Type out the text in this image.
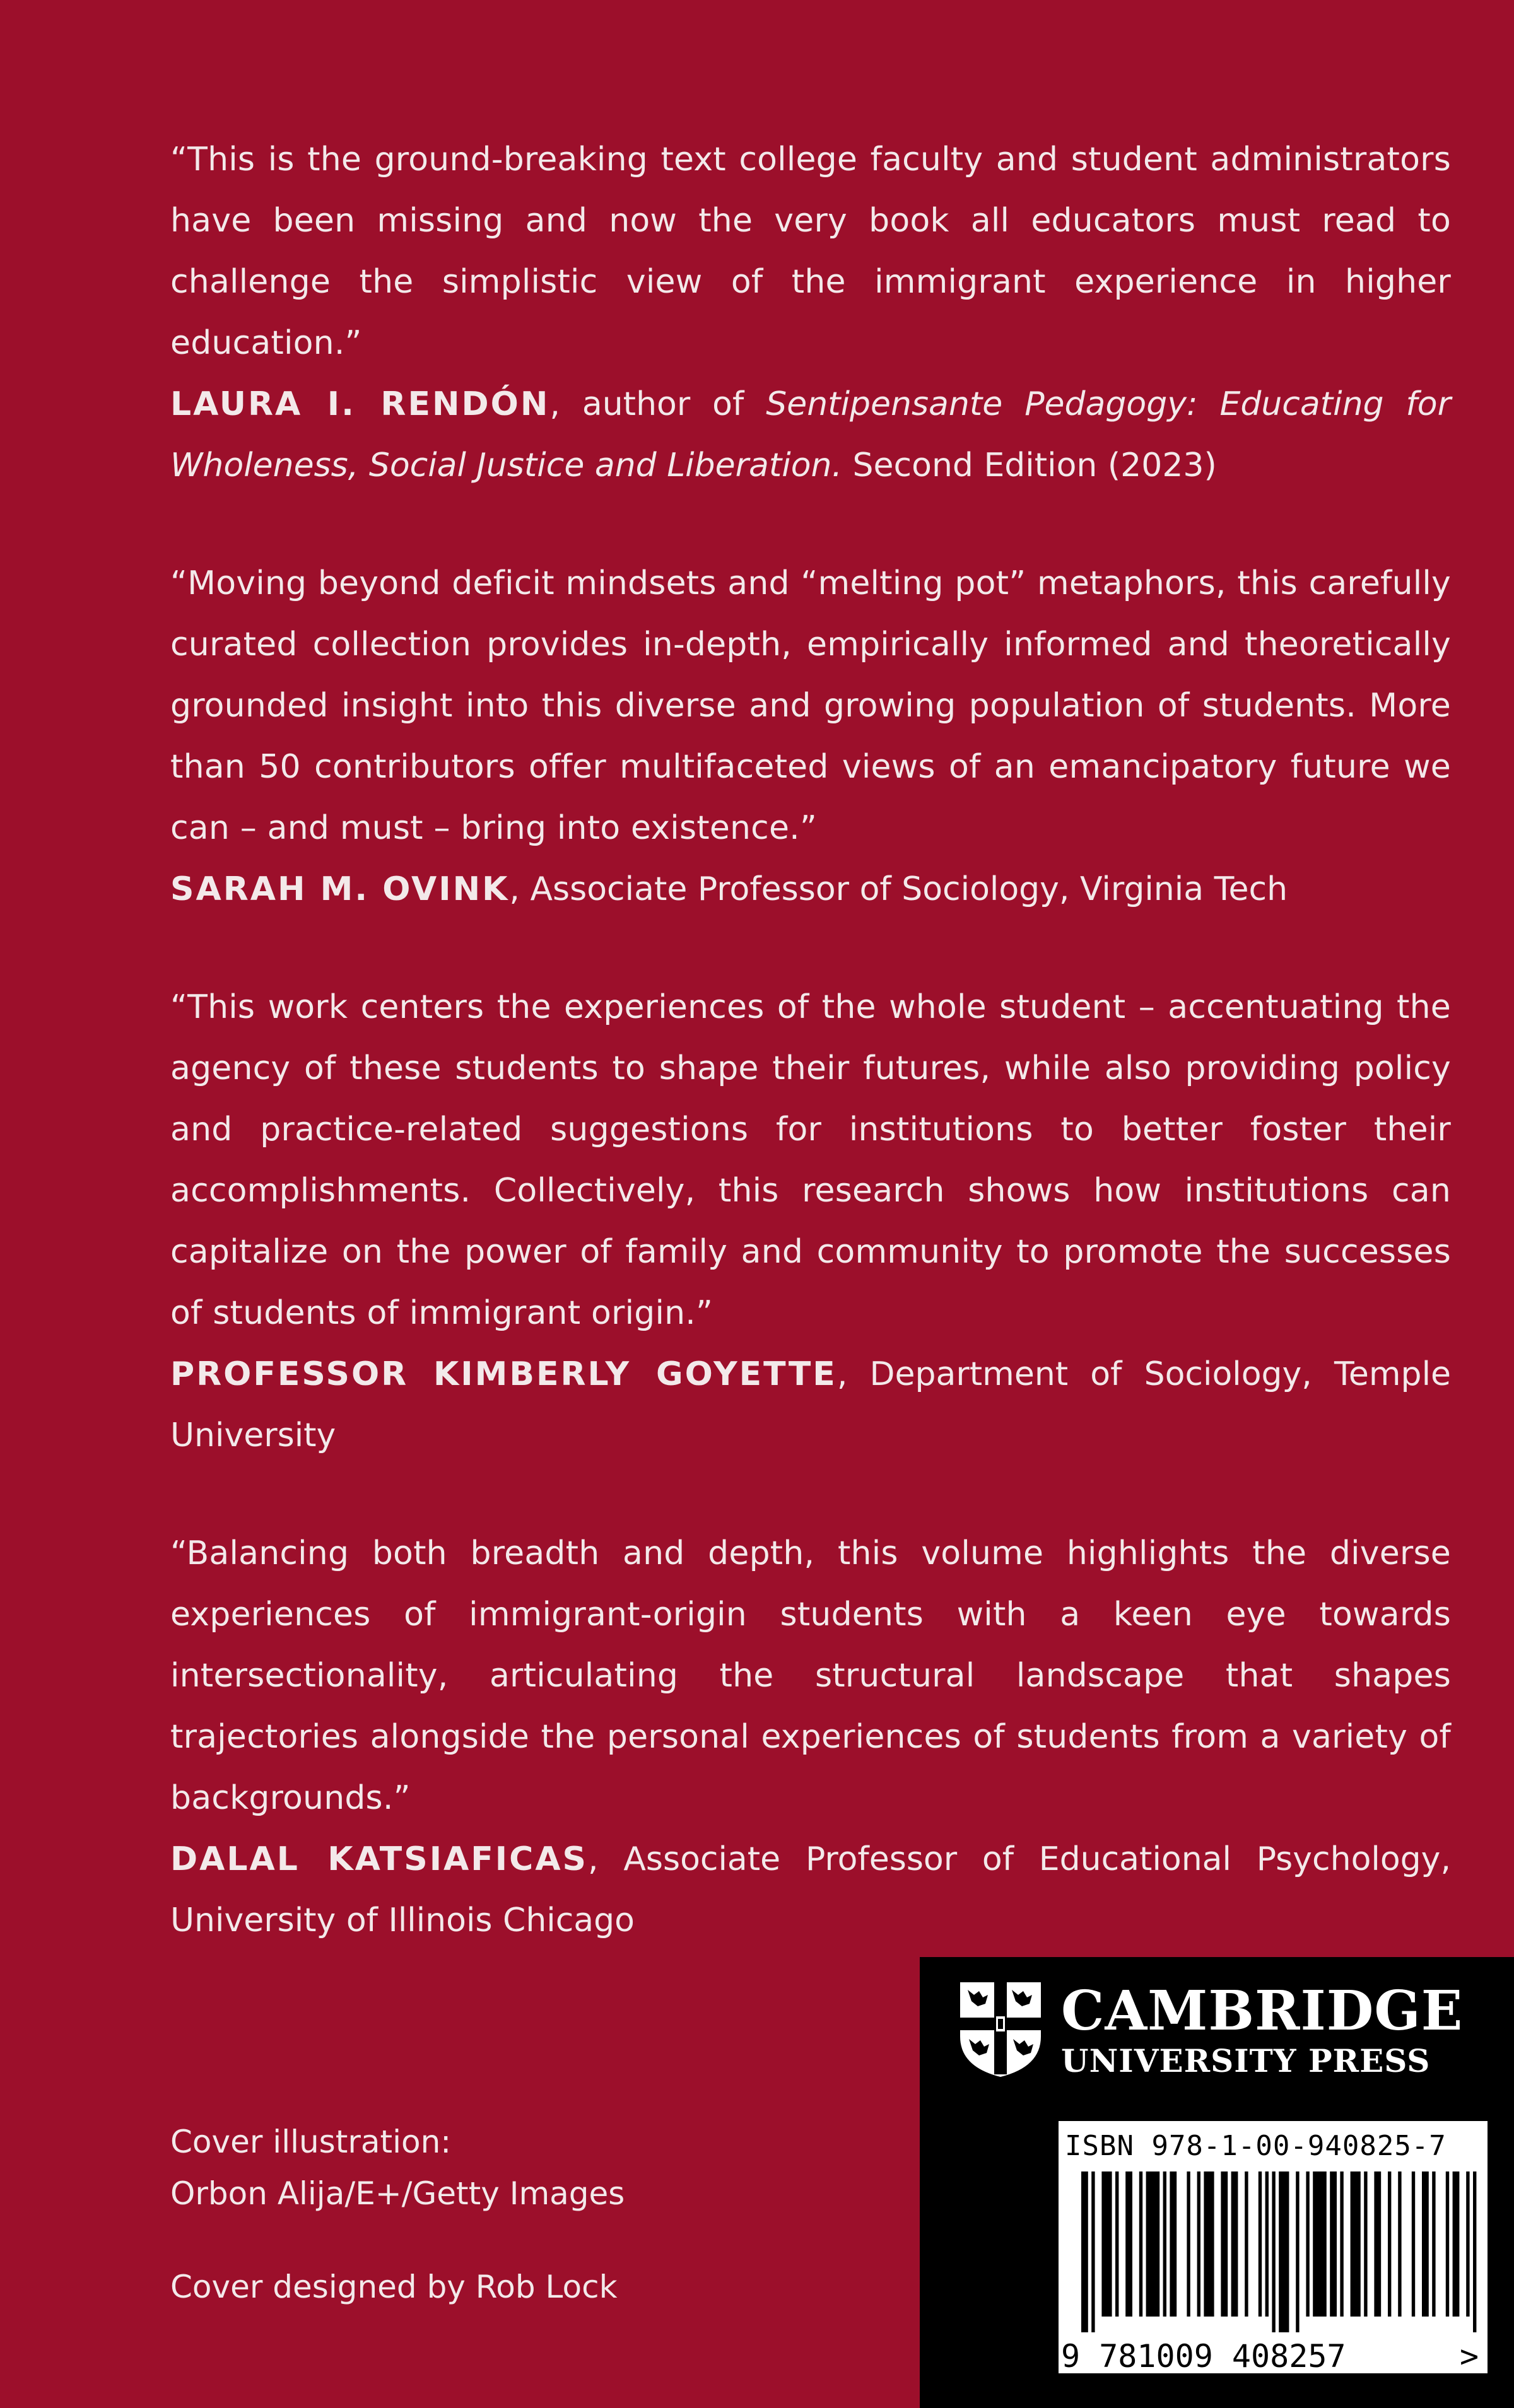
“This is the ground-breaking text college faculty and student administrators have been missing and now the very book all educators must read to challenge the simplistic view of the immigrant experience in higher education.”

LAURA I. RENDÓN, author of Sentipensante Pedagogy: Educating for Wholeness, Social Justice and Liberation. Second Edition (2023)

“Moving beyond deficit mindsets and “melting pot” metaphors, this carefully curated collection provides in-depth, empirically informed and theoretically grounded insight into this diverse and growing population of students. More than 50 contributors offer multifaceted views of an emancipatory future we can – and must – bring into existence.”

SARAH M. OVINK, Associate Professor of Sociology, Virginia Tech

“This work centers the experiences of the whole student – accentuating the agency of these students to shape their futures, while also providing policy and practice-related suggestions for institutions to better foster their accomplishments. Collectively, this research shows how institutions can capitalize on the power of family and community to promote the successes of students of immigrant origin.”

PROFESSOR KIMBERLY GOYETTE, Department of Sociology, Temple University

“Balancing both breadth and depth, this volume highlights the diverse experiences of immigrant-origin students with a keen eye towards intersectionality, articulating the structural landscape that shapes trajectories alongside the personal experiences of students from a variety of backgrounds.”

DALAL KATSIAFICAS, Associate Professor of Educational Psychology, University of Illinois Chicago

Cover illustration:
Orbon Alija/E+/Getty Images
Cover designed by Rob Lock
CAMBRIDGE
UNIVERSITY PRESS
ISBN 978-1-00-940825-7
9 781009 408257	>
